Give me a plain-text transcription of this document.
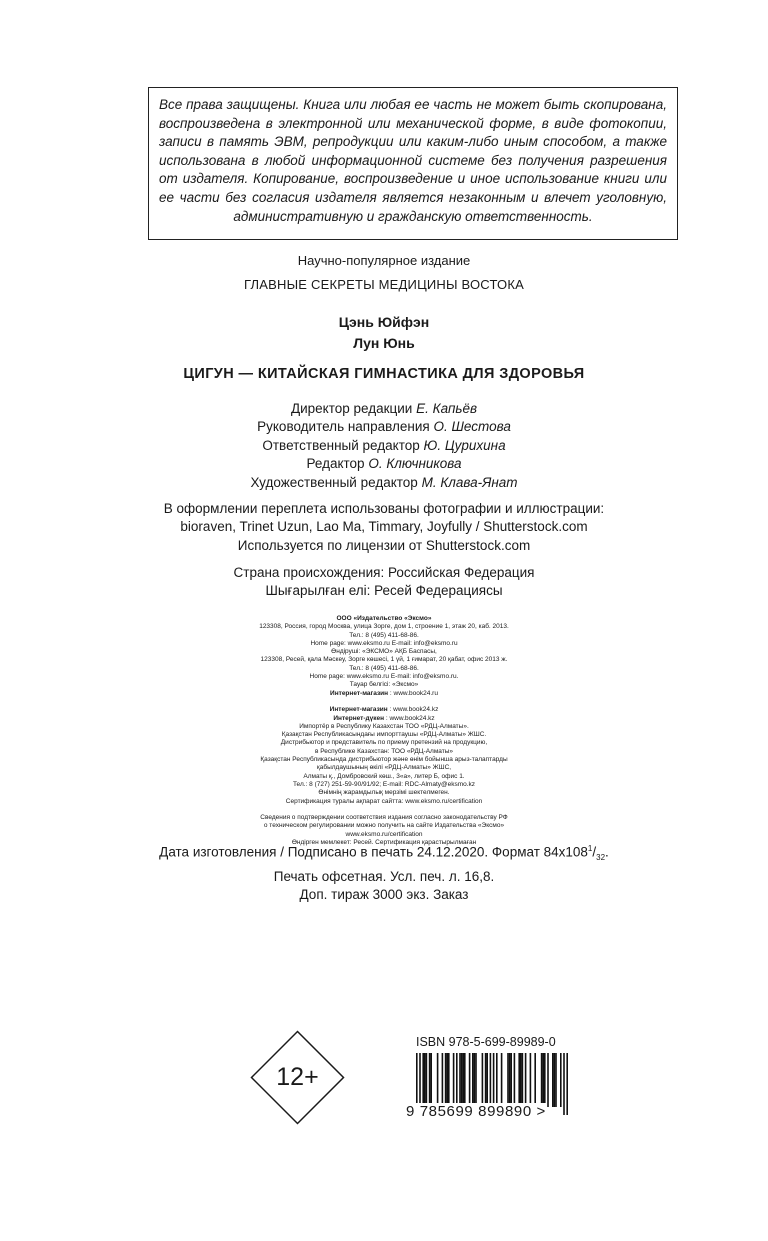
Все права защищены. Книга или любая ее часть не может быть скопирована, воспроизведена в электронной или механической форме, в виде фотокопии, записи в память ЭВМ, репродукции или каким-либо иным способом, а также использована в любой информационной системе без получения разрешения от издателя. Копирование, воспроизведение и иное использование книги или ее части без согласия издателя является незаконным и влечет уголовную, административную и гражданскую ответственность.

Научно-популярное издание

ГЛАВНЫЕ СЕКРЕТЫ МЕДИЦИНЫ ВОСТОКА

Цэнь Юйфэн

Лун Юнь

ЦИГУН — КИТАЙСКАЯ ГИМНАСТИКА ДЛЯ ЗДОРОВЬЯ

Директор редакции Е. Капьёв
Руководитель направления О. Шестова
Ответственный редактор Ю. Цурихина
Редактор О. Ключникова
Художественный редактор М. Клава-Янат
В оформлении переплета использованы фотографии и иллюстрации:
bioraven, Trinet Uzun, Lao Ma, Timmary, Joyfully / Shutterstock.com
Используется по лицензии от Shutterstock.com
Страна происхождения: Российская Федерация
Шығарылған елі: Ресей Федерациясы
ООО «Издательство «Эксмо»
123308, Россия, город Москва, улица Зорге, дом 1, строение 1, этаж 20, каб. 2013.
Тел.: 8 (495) 411-68-86.
Home page: www.eksmo.ru E-mail: info@eksmo.ru
Өндіруші: «ЭКСМО» АҚБ Баспасы,
123308, Ресей, қала Мәскеу, Зорге көшесі, 1 үй, 1 ғимарат, 20 қабат, офис 2013 ж.
Тел.: 8 (495) 411-68-86.
Home page: www.eksmo.ru E-mail: info@eksmo.ru.
Тауар белгісі: «Эксмо»
Интернет-магазин : www.book24.ru

Интернет-магазин : www.book24.kz
Интернет-дүкен : www.book24.kz
Импортёр в Республику Казахстан ТОО «РДЦ-Алматы».
Қазақстан Республикасындағы импорттаушы «РДЦ-Алматы» ЖШС.
Дистрибьютор и представитель по приему претензий на продукцию,
в Республике Казахстан: ТОО «РДЦ-Алматы»
Қазақстан Республикасында дистрибьютор және өнім бойынша арыз-талаптарды
қабылдаушының өкілі «РДЦ-Алматы» ЖШС,
Алматы қ., Домбровский көш., 3«а», литер Б, офис 1.
Тел.: 8 (727) 251-59-90/91/92; E-mail: RDC-Almaty@eksmo.kz
Өнімнің жарамдылық мерзімі шектелмеген.
Сертификация туралы ақпарат сайтта: www.eksmo.ru/certification

Сведения о подтверждении соответствия издания согласно законодательству РФ
о техническом регулировании можно получить на сайте Издательства «Эксмо»
www.eksmo.ru/certification
Өндірген мемлекет: Ресей. Сертификация қарастырылмаған
Дата изготовления / Подписано в печать 24.12.2020. Формат $84х108^1/_{32}$.
Печать офсетная. Усл. печ. л. 16,8.
Доп. тираж 3000 экз. Заказ
12+
ISBN 978-5-699-89989-0
9 785699 899890 >
